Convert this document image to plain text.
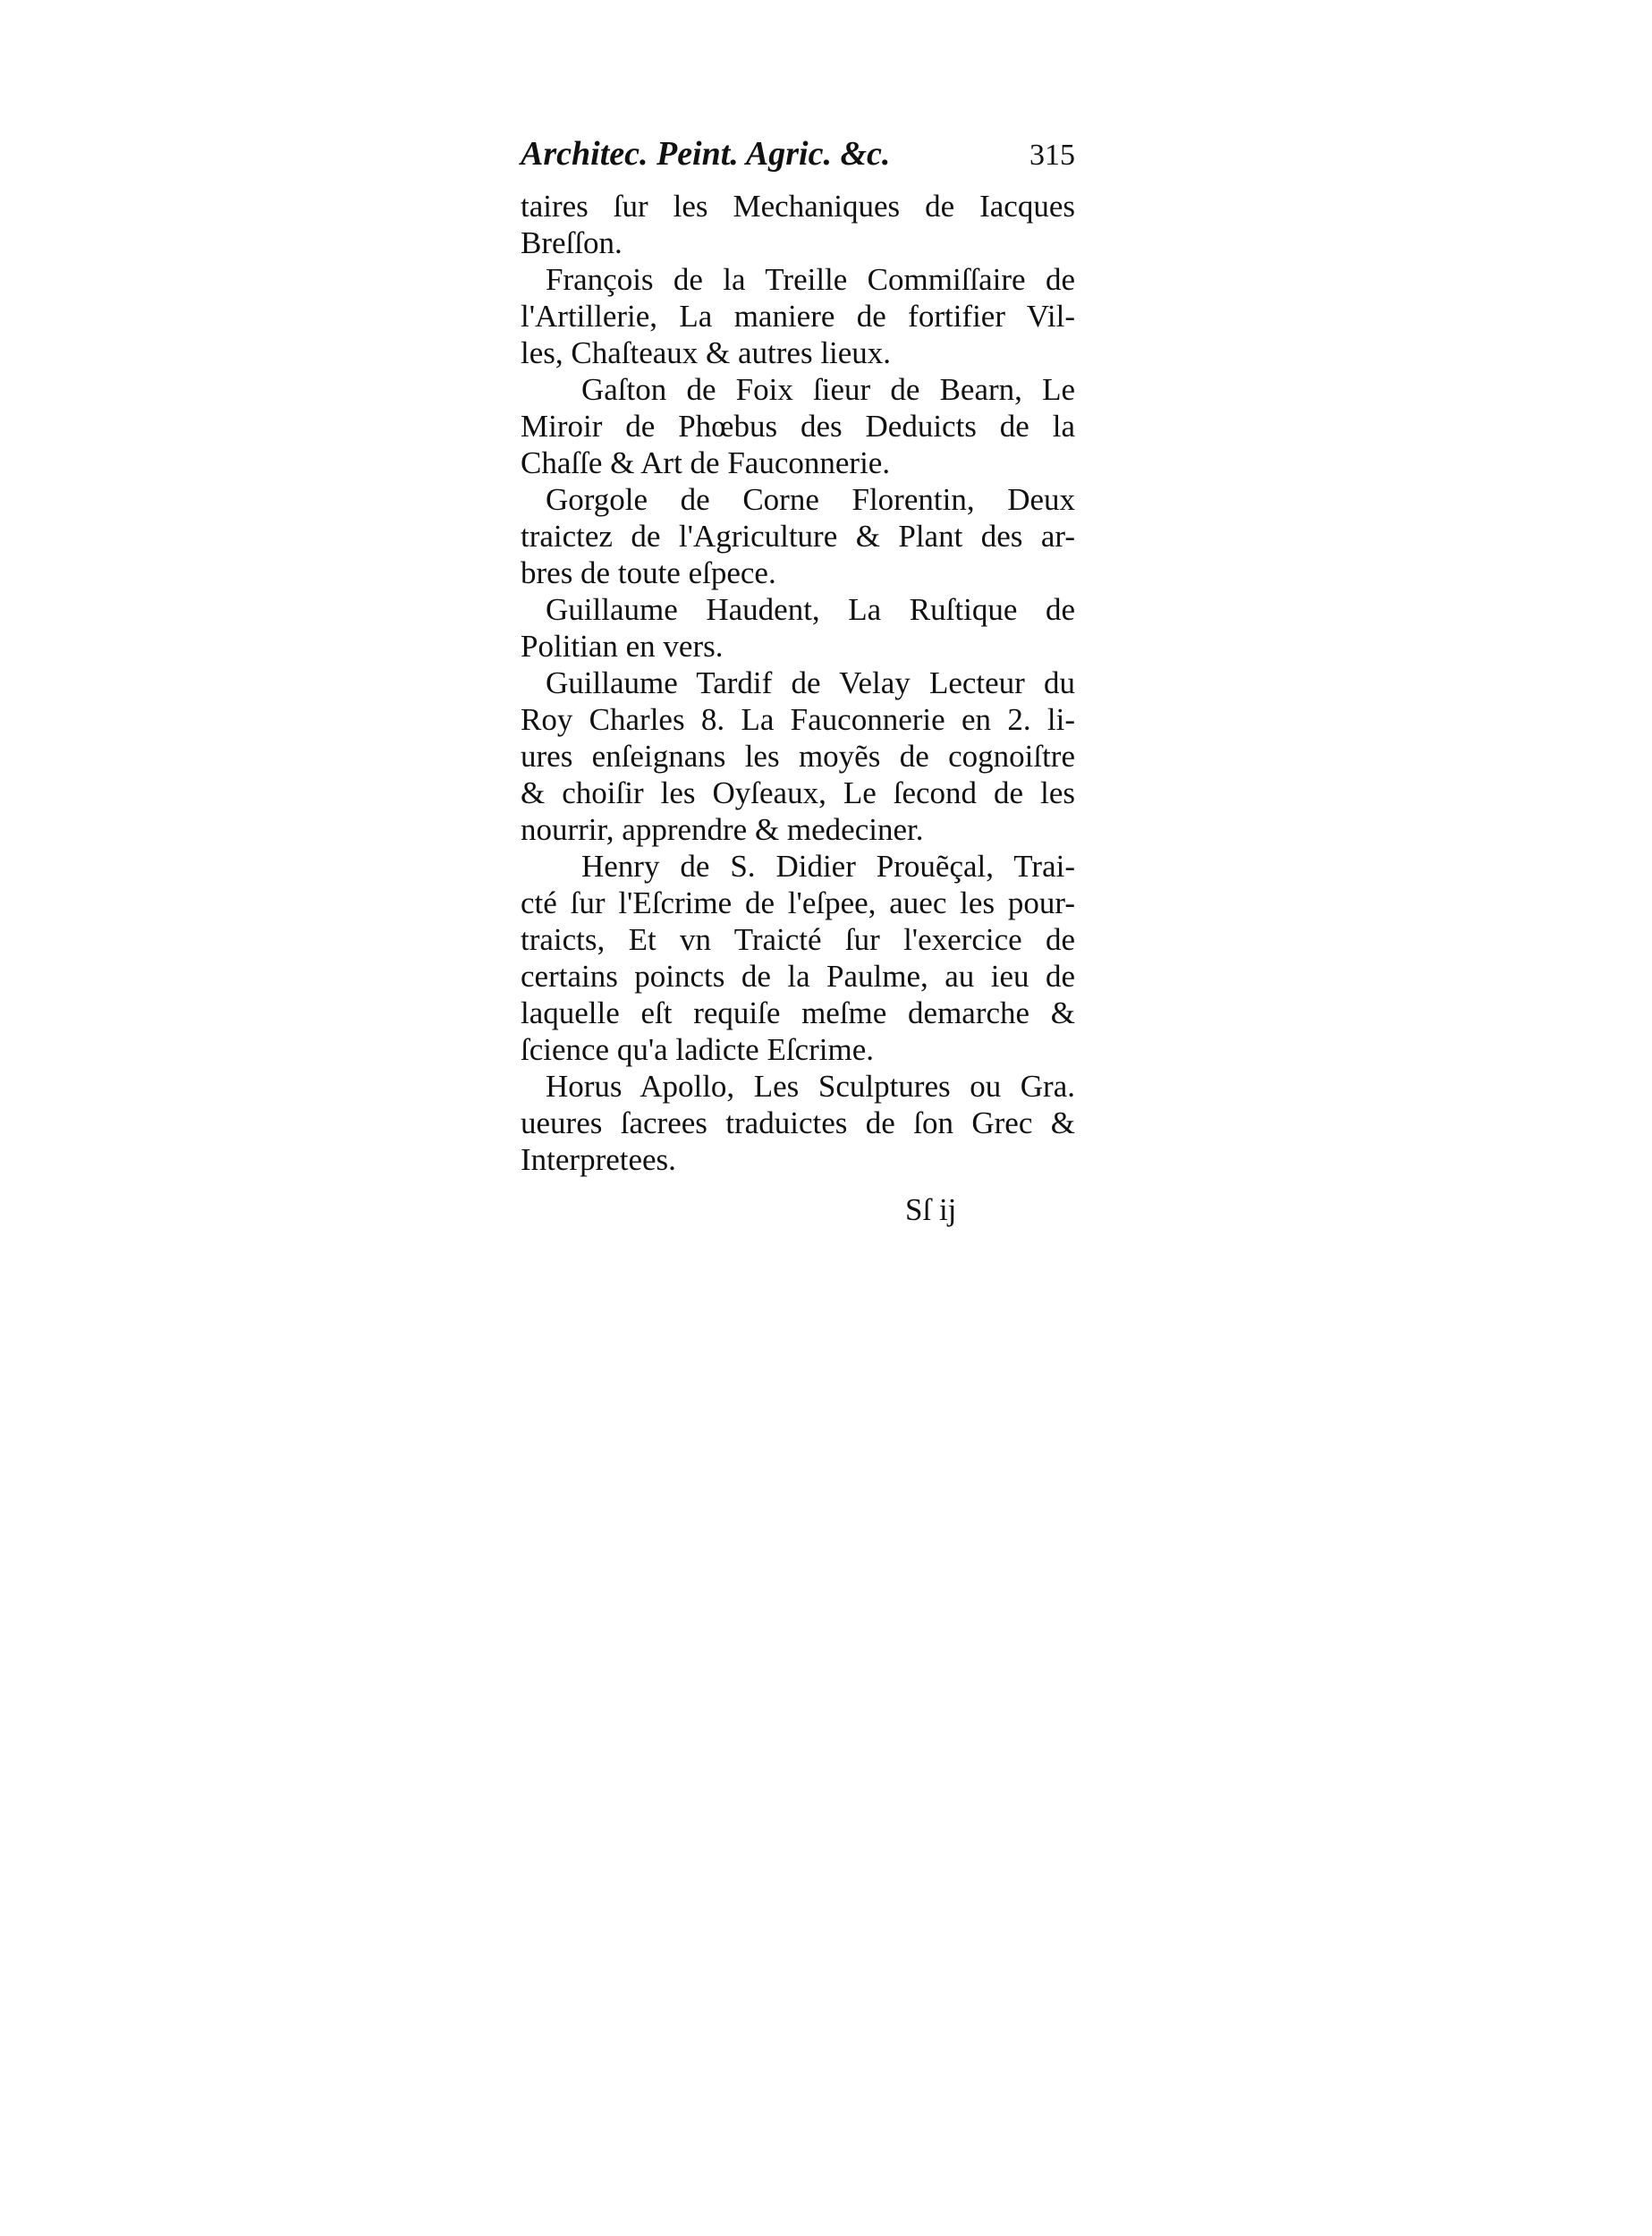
Architec. Peint. Agric. &c.	315
taires ſur les Mechaniques de Iacques
Breſſon.
François de la Treille Commiſſaire de
l'Artillerie, La maniere de fortifier Vil-
les, Chaſteaux & autres lieux.
Gaſton de Foix ſieur de Bearn, Le
Miroir de Phœbus des Deduicts de la
Chaſſe & Art de Fauconnerie.
Gorgole de Corne Florentin, Deux
traictez de l'Agriculture & Plant des ar-
bres de toute eſpece.
Guillaume Haudent, La Ruſtique de
Politian en vers.
Guillaume Tardif de Velay Lecteur du
Roy Charles 8. La Fauconnerie en 2. li-
ures enſeignans les moyẽs de cognoiſtre
& choiſir les Oyſeaux, Le ſecond de les
nourrir, apprendre & medeciner.
Henry de S. Didier Prouẽçal, Trai-
cté ſur l'Eſcrime de l'eſpee, auec les pour-
traicts, Et vn Traicté ſur l'exercice de
certains poincts de la Paulme, au ieu de
laquelle eſt requiſe meſme demarche &
ſcience qu'a ladicte Eſcrime.
Horus Apollo, Les Sculptures ou Gra.
ueures ſacrees traduictes de ſon Grec &
Interpretees.
Sſ ij
